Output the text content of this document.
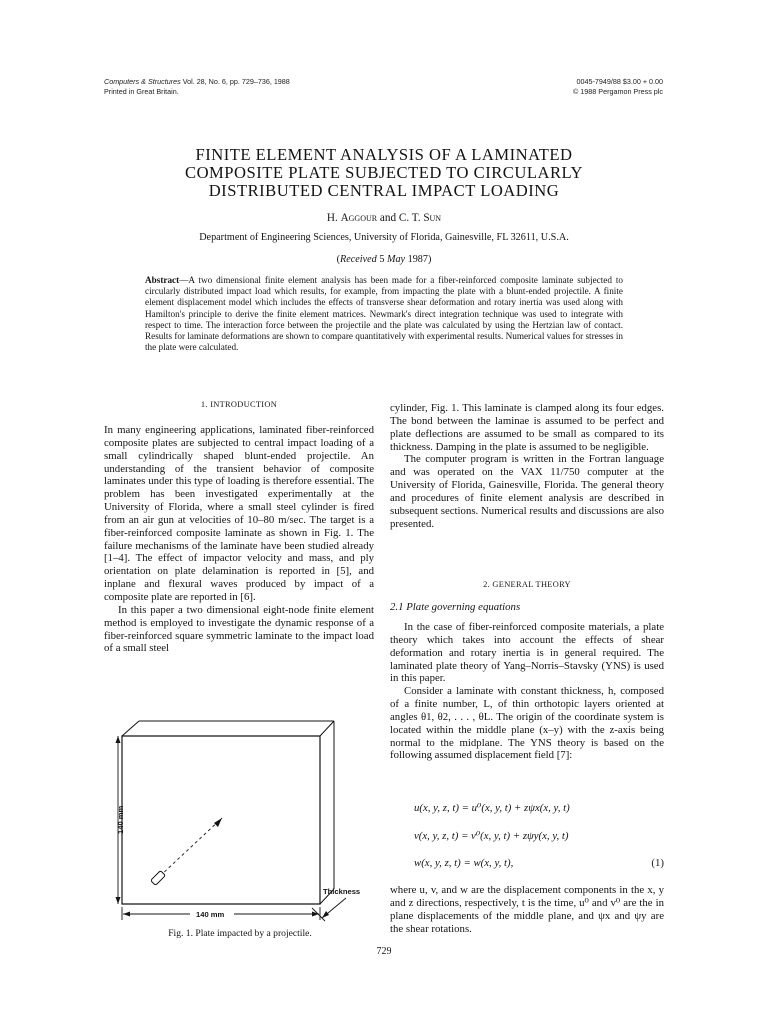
Computers & Structures Vol. 28, No. 6, pp. 729–736, 1988
Printed in Great Britain.
0045-7949/88 $3.00 + 0.00
© 1988 Pergamon Press plc
FINITE ELEMENT ANALYSIS OF A LAMINATED
COMPOSITE PLATE SUBJECTED TO CIRCULARLY
DISTRIBUTED CENTRAL IMPACT LOADING
H. Aggour and C. T. Sun
Department of Engineering Sciences, University of Florida, Gainesville, FL 32611, U.S.A.
(Received 5 May 1987)
Abstract—A two dimensional finite element analysis has been made for a fiber-reinforced composite laminate subjected to circularly distributed impact load which results, for example, from impacting the plate with a blunt-ended projectile. A finite element displacement model which includes the effects of transverse shear deformation and rotary inertia was used along with Hamilton's principle to derive the finite element matrices. Newmark's direct integration technique was used to integrate with respect to time. The interaction force between the projectile and the plate was calculated by using the Hertzian law of contact. Results for laminate deformations are shown to compare quantitatively with experimental results. Numerical values for stresses in the plate were calculated.
1. INTRODUCTION

In many engineering applications, laminated fiber-reinforced composite plates are subjected to central impact loading of a small cylindrically shaped blunt-ended projectile. An understanding of the transient behavior of composite laminates under this type of loading is therefore essential. The problem has been investigated experimentally at the University of Florida, where a small steel cylinder is fired from an air gun at velocities of 10–80 m/sec. The target is a fiber-reinforced composite laminate as shown in Fig. 1. The failure mechanisms of the laminate have been studied already [1–4]. The effect of impactor velocity and mass, and ply orientation on plate delamination is reported in [5], and inplane and flexural waves produced by impact of a composite plate are reported in [6].

In this paper a two dimensional eight-node finite element method is employed to investigate the dynamic response of a fiber-reinforced square symmetric laminate to the impact load of a small steel

140 mm
140 mm
Thickness
Fig. 1. Plate impacted by a projectile.

cylinder, Fig. 1. This laminate is clamped along its four edges. The bond between the laminae is assumed to be perfect and plate deflections are assumed to be small as compared to its thickness. Damping in the plate is assumed to be negligible.

The computer program is written in the Fortran language and was operated on the VAX 11/750 computer at the University of Florida, Gainesville, Florida. The general theory and procedures of finite element analysis are described in subsequent sections. Numerical results and discussions are also presented.

2. GENERAL THEORY
2.1 Plate governing equations

In the case of fiber-reinforced composite materials, a plate theory which takes into account the effects of shear deformation and rotary inertia is in general required. The laminated plate theory of Yang–Norris–Stavsky (YNS) is used in this paper.

Consider a laminate with constant thickness, h, composed of a finite number, L, of thin orthotopic layers oriented at angles θ1, θ2, . . . , θL. The origin of the coordinate system is located within the middle plane (x–y) with the z-axis being normal to the midplane. The YNS theory is based on the following assumed displacement field [7]:

u(x, y, z, t) = u⁰(x, y, t) + zψx(x, y, t)
v(x, y, z, t) = v⁰(x, y, t) + zψy(x, y, t)
w(x, y, z, t) = w(x, y, t),	(1)

where u, v, and w are the displacement components in the x, y and z directions, respectively, t is the time, u⁰ and v⁰ are the in plane displacements of the middle plane, and ψx and ψy are the shear rotations.

729
